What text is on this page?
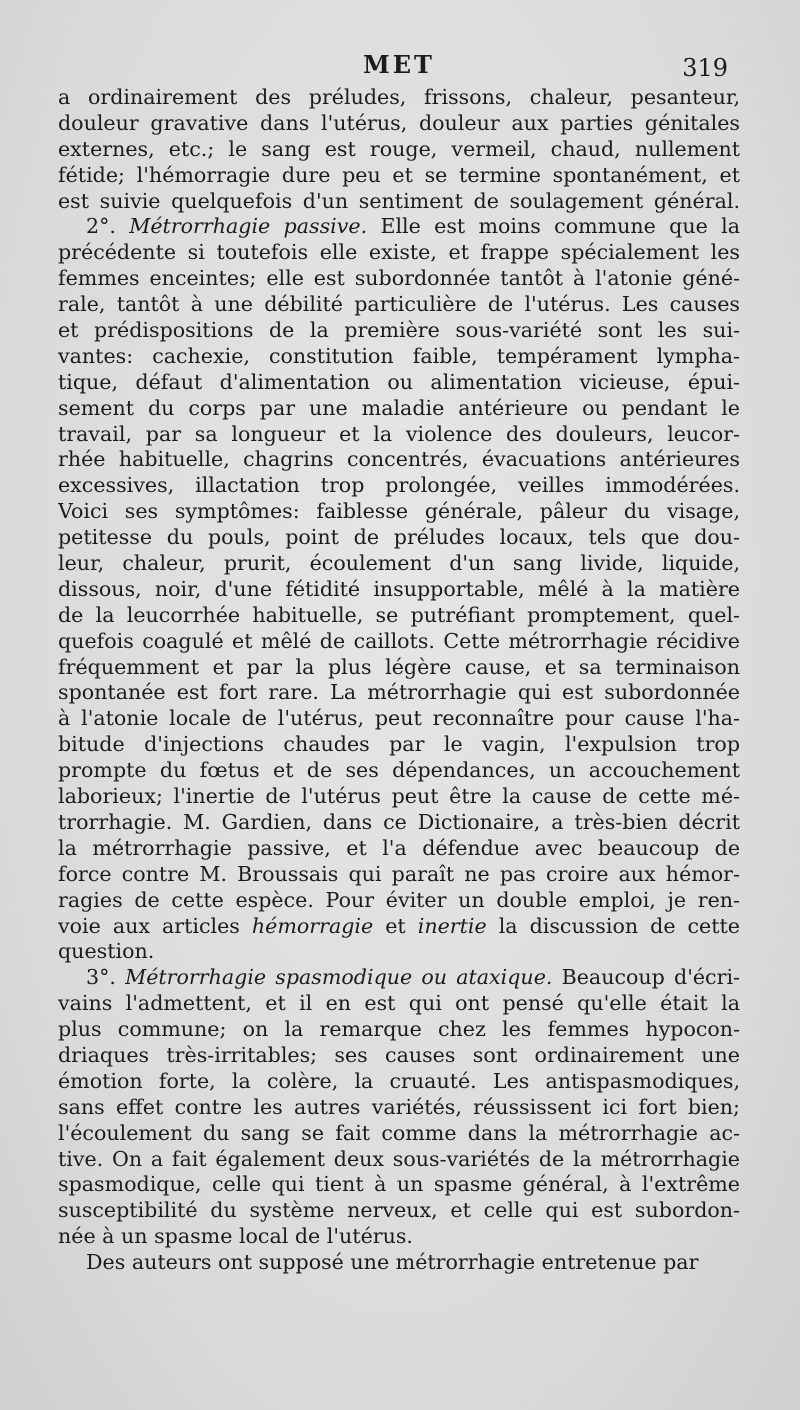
MET	319
a ordinairement des préludes, frissons, chaleur, pesanteur,
douleur gravative dans l'utérus, douleur aux parties génitales
externes, etc.; le sang est rouge, vermeil, chaud, nullement
fétide; l'hémorragie dure peu et se termine spontanément, et
est suivie quelquefois d'un sentiment de soulagement général.
2°. Métrorrhagie passive. Elle est moins commune que la
précédente si toutefois elle existe, et frappe spécialement les
femmes enceintes; elle est subordonnée tantôt à l'atonie géné-
rale, tantôt à une débilité particulière de l'utérus. Les causes
et prédispositions de la première sous-variété sont les sui-
vantes: cachexie, constitution faible, tempérament lympha-
tique, défaut d'alimentation ou alimentation vicieuse, épui-
sement du corps par une maladie antérieure ou pendant le
travail, par sa longueur et la violence des douleurs, leucor-
rhée habituelle, chagrins concentrés, évacuations antérieures
excessives, illactation trop prolongée, veilles immodérées.
Voici ses symptômes: faiblesse générale, pâleur du visage,
petitesse du pouls, point de préludes locaux, tels que dou-
leur, chaleur, prurit, écoulement d'un sang livide, liquide,
dissous, noir, d'une fétidité insupportable, mêlé à la matière
de la leucorrhée habituelle, se putréfiant promptement, quel-
quefois coagulé et mêlé de caillots. Cette métrorrhagie récidive
fréquemment et par la plus légère cause, et sa terminaison
spontanée est fort rare. La métrorrhagie qui est subordonnée
à l'atonie locale de l'utérus, peut reconnaître pour cause l'ha-
bitude d'injections chaudes par le vagin, l'expulsion trop
prompte du fœtus et de ses dépendances, un accouchement
laborieux; l'inertie de l'utérus peut être la cause de cette mé-
trorrhagie. M. Gardien, dans ce Dictionaire, a très-bien décrit
la métrorrhagie passive, et l'a défendue avec beaucoup de
force contre M. Broussais qui paraît ne pas croire aux hémor-
ragies de cette espèce. Pour éviter un double emploi, je ren-
voie aux articles hémorragie et inertie la discussion de cette
question.
3°. Métrorrhagie spasmodique ou ataxique. Beaucoup d'écri-
vains l'admettent, et il en est qui ont pensé qu'elle était la
plus commune; on la remarque chez les femmes hypocon-
driaques très-irritables; ses causes sont ordinairement une
émotion forte, la colère, la cruauté. Les antispasmodiques,
sans effet contre les autres variétés, réussissent ici fort bien;
l'écoulement du sang se fait comme dans la métrorrhagie ac-
tive. On a fait également deux sous-variétés de la métrorrhagie
spasmodique, celle qui tient à un spasme général, à l'extrême
susceptibilité du système nerveux, et celle qui est subordon-
née à un spasme local de l'utérus.
Des auteurs ont supposé une métrorrhagie entretenue par
